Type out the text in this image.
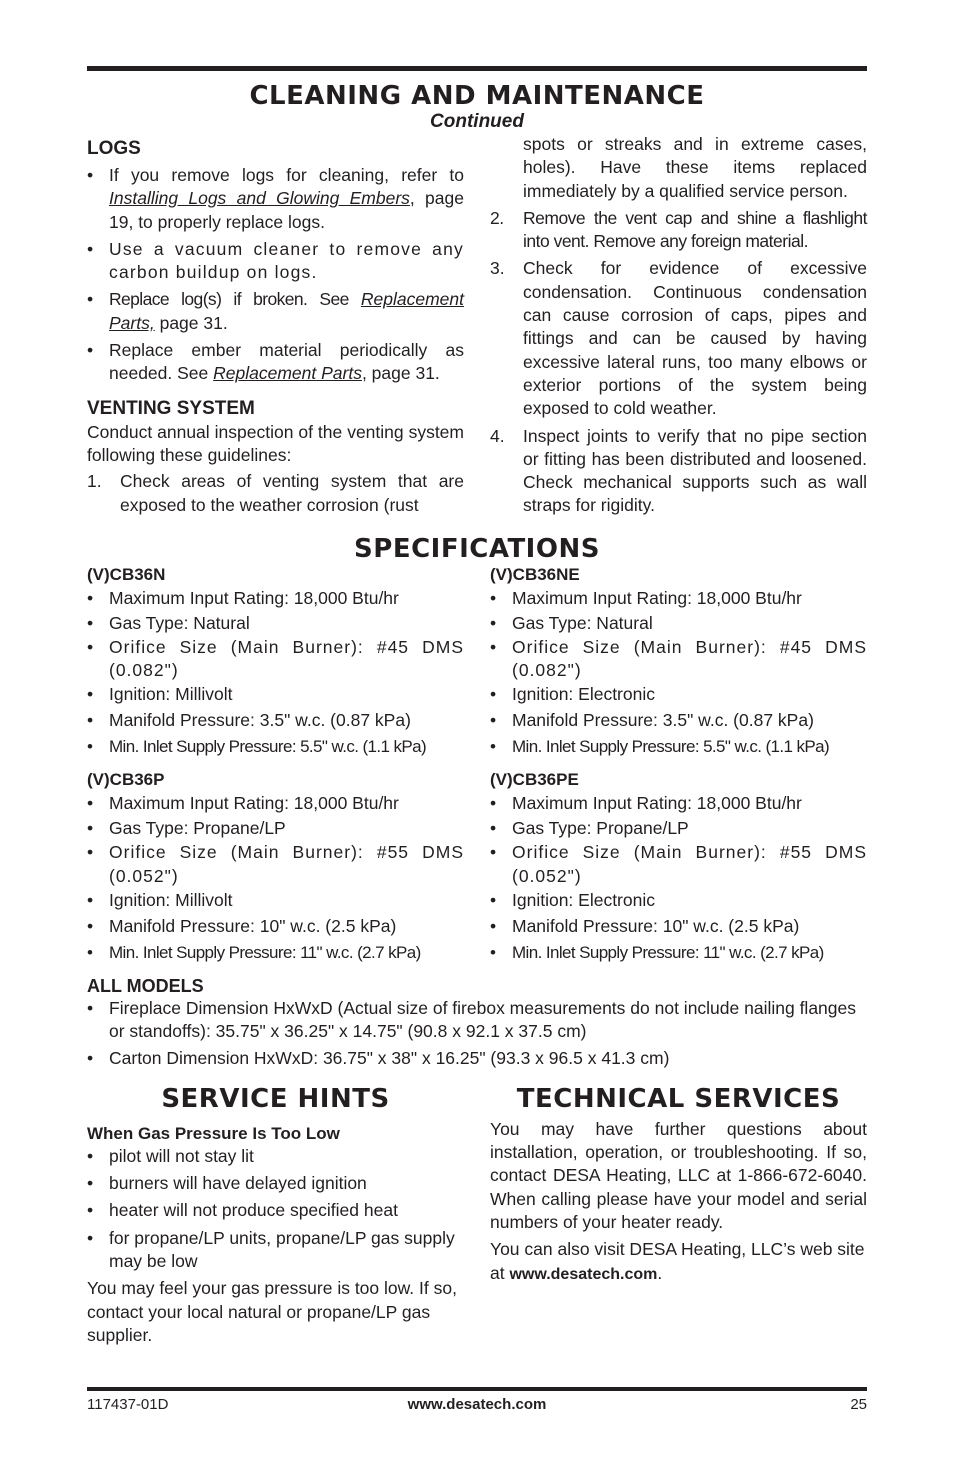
CLEANING AND MAINTENANCE
Continued
LOGS
• If you remove logs for cleaning, refer to Installing Logs and Glowing Embers, page 19, to properly replace logs.
• Use a vacuum cleaner to remove any carbon buildup on logs.
• Replace log(s) if broken. See Replacement Parts, page 31.
• Replace ember material periodically as needed. See Replacement Parts, page 31.
VENTING SYSTEM

Conduct annual inspection of the venting system following these guidelines:

1. Check areas of venting system that are exposed to the weather corrosion (rust

spots or streaks and in extreme cases, holes). Have these items replaced immediately by a qualified service person.

2. Remove the vent cap and shine a flashlight into vent. Remove any foreign material.
3. Check for evidence of excessive condensation. Continuous condensation can cause corrosion of caps, pipes and fittings and can be caused by having excessive lateral runs, too many elbows or exterior portions of the system being exposed to cold weather.
4. Inspect joints to verify that no pipe section or fitting has been distributed and loosened. Check mechanical supports such as wall straps for rigidity.
SPECIFICATIONS
(V)CB36N
• Maximum Input Rating: 18,000 Btu/hr
• Gas Type: Natural
• Orifice Size (Main Burner): #45 DMS (0.082")
• Ignition: Millivolt
• Manifold Pressure: 3.5" w.c. (0.87 kPa)
• Min. Inlet Supply Pressure: 5.5" w.c. (1.1 kPa)
(V)CB36NE
• Maximum Input Rating: 18,000 Btu/hr
• Gas Type: Natural
• Orifice Size (Main Burner): #45 DMS (0.082")
• Ignition: Electronic
• Manifold Pressure: 3.5" w.c. (0.87 kPa)
• Min. Inlet Supply Pressure: 5.5" w.c. (1.1 kPa)
(V)CB36P
• Maximum Input Rating: 18,000 Btu/hr
• Gas Type: Propane/LP
• Orifice Size (Main Burner): #55 DMS (0.052")
• Ignition: Millivolt
• Manifold Pressure: 10" w.c. (2.5 kPa)
• Min. Inlet Supply Pressure: 11" w.c. (2.7 kPa)
(V)CB36PE
• Maximum Input Rating: 18,000 Btu/hr
• Gas Type: Propane/LP
• Orifice Size (Main Burner): #55 DMS (0.052")
• Ignition: Electronic
• Manifold Pressure: 10" w.c. (2.5 kPa)
• Min. Inlet Supply Pressure: 11" w.c. (2.7 kPa)
ALL MODELS
• Fireplace Dimension HxWxD (Actual size of firebox measurements do not include nailing flanges or standoffs): 35.75" x 36.25" x 14.75" (90.8 x 92.1 x 37.5 cm)
• Carton Dimension HxWxD: 36.75" x 38" x 16.25" (93.3 x 96.5 x 41.3 cm)
SERVICE HINTS
When Gas Pressure Is Too Low
• pilot will not stay lit
• burners will have delayed ignition
• heater will not produce specified heat
• for propane/LP units, propane/LP gas supply may be low

You may feel your gas pressure is too low. If so, contact your local natural or propane/LP gas supplier.

TECHNICAL SERVICES

You may have further questions about installation, operation, or troubleshooting. If so, contact DESA Heating, LLC at 1-866-672-6040. When calling please have your model and serial numbers of your heater ready.

You can also visit DESA Heating, LLC’s web site at www.desatech.com.

www.desatech.com
117437-01D	25
